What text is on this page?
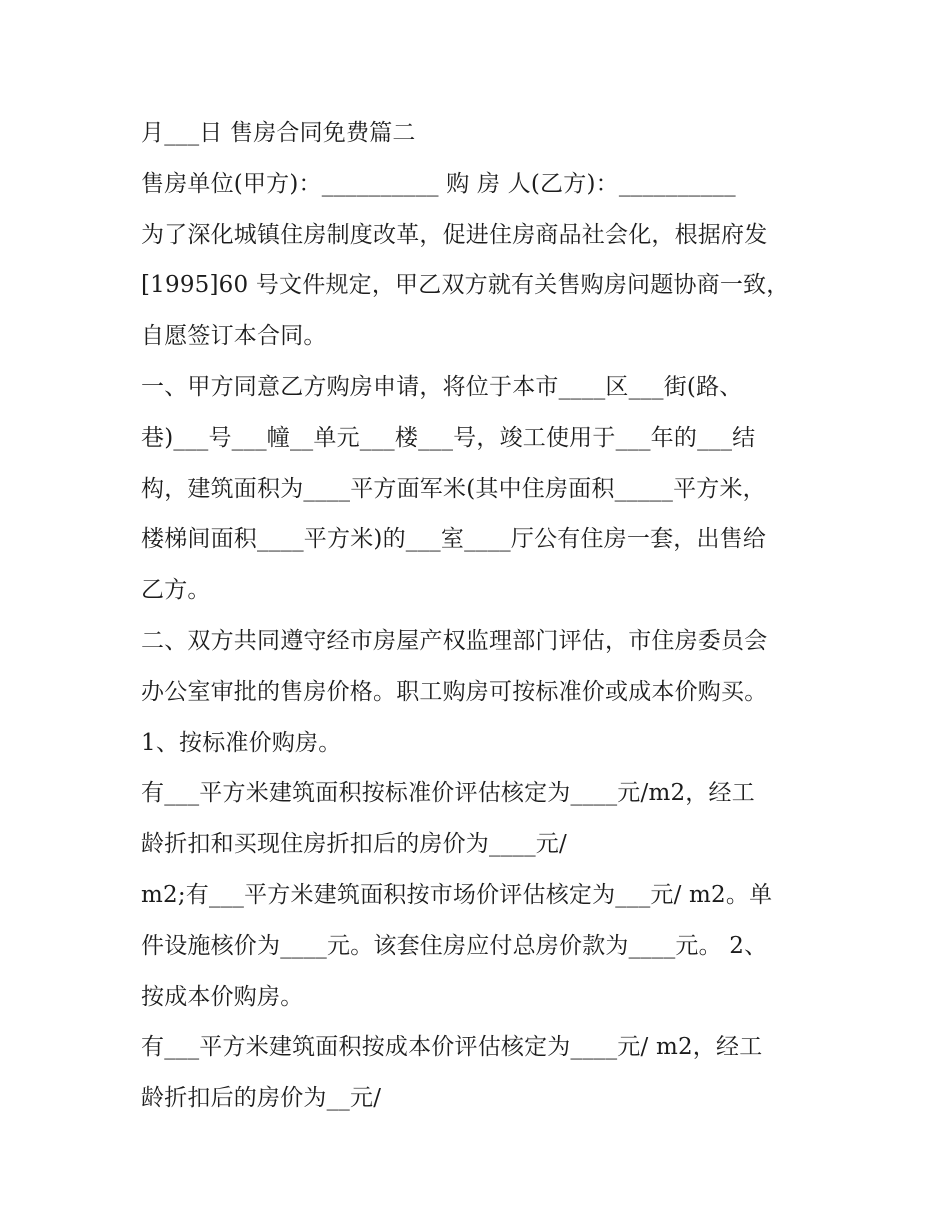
月___日 售房合同免费篇二
售房单位(甲方)：__________ 购 房 人(乙方)：__________
为了深化城镇住房制度改革，促进住房商品社会化，根据府发
[1995]60 号文件规定，甲乙双方就有关售购房问题协商一致，
自愿签订本合同。
一、甲方同意乙方购房申请，将位于本市____区___街(路、
巷)___号___幢__单元___楼___号，竣工使用于___年的___结
构，建筑面积为____平方面军米(其中住房面积_____平方米，
楼梯间面积____平方米)的___室____厅公有住房一套，出售给
乙方。
二、双方共同遵守经市房屋产权监理部门评估，市住房委员会
办公室审批的售房价格。职工购房可按标准价或成本价购买。
1、按标准价购房。
有___平方米建筑面积按标准价评估核定为____元/m2，经工
龄折扣和买现住房折扣后的房价为____元/
m2;有___平方米建筑面积按市场价评估核定为___元/ m2。单
件设施核价为____元。该套住房应付总房价款为____元。 2、
按成本价购房。
有___平方米建筑面积按成本价评估核定为____元/ m2，经工
龄折扣后的房价为__元/
